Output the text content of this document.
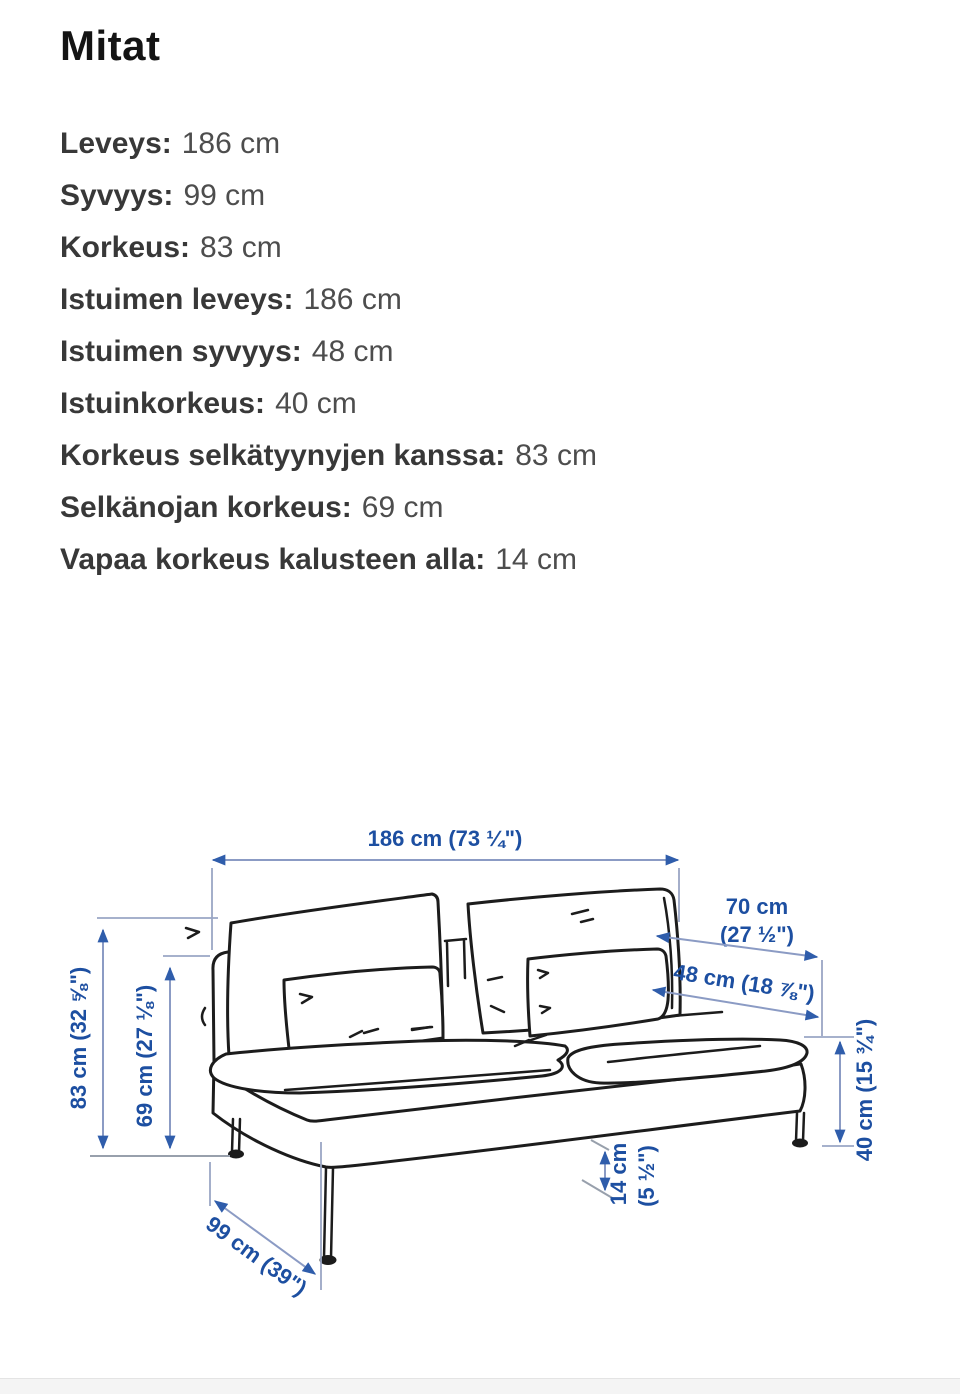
Mitat

Leveys: 186 cm

Syvyys: 99 cm

Korkeus: 83 cm

Istuimen leveys: 186 cm

Istuimen syvyys: 48 cm

Istuinkorkeus: 40 cm

Korkeus selkätyynyjen kanssa: 83 cm

Selkänojan korkeus: 69 cm

Vapaa korkeus kalusteen alla: 14 cm

186 cm (73 ¼")
83 cm (32 ⅝") 69 cm (27 ⅛")
99 cm (39")
70 cm
(27 ½")
48 cm (18 ⅞")
40 cm (15 ¾")
14 cm (5 ½")
